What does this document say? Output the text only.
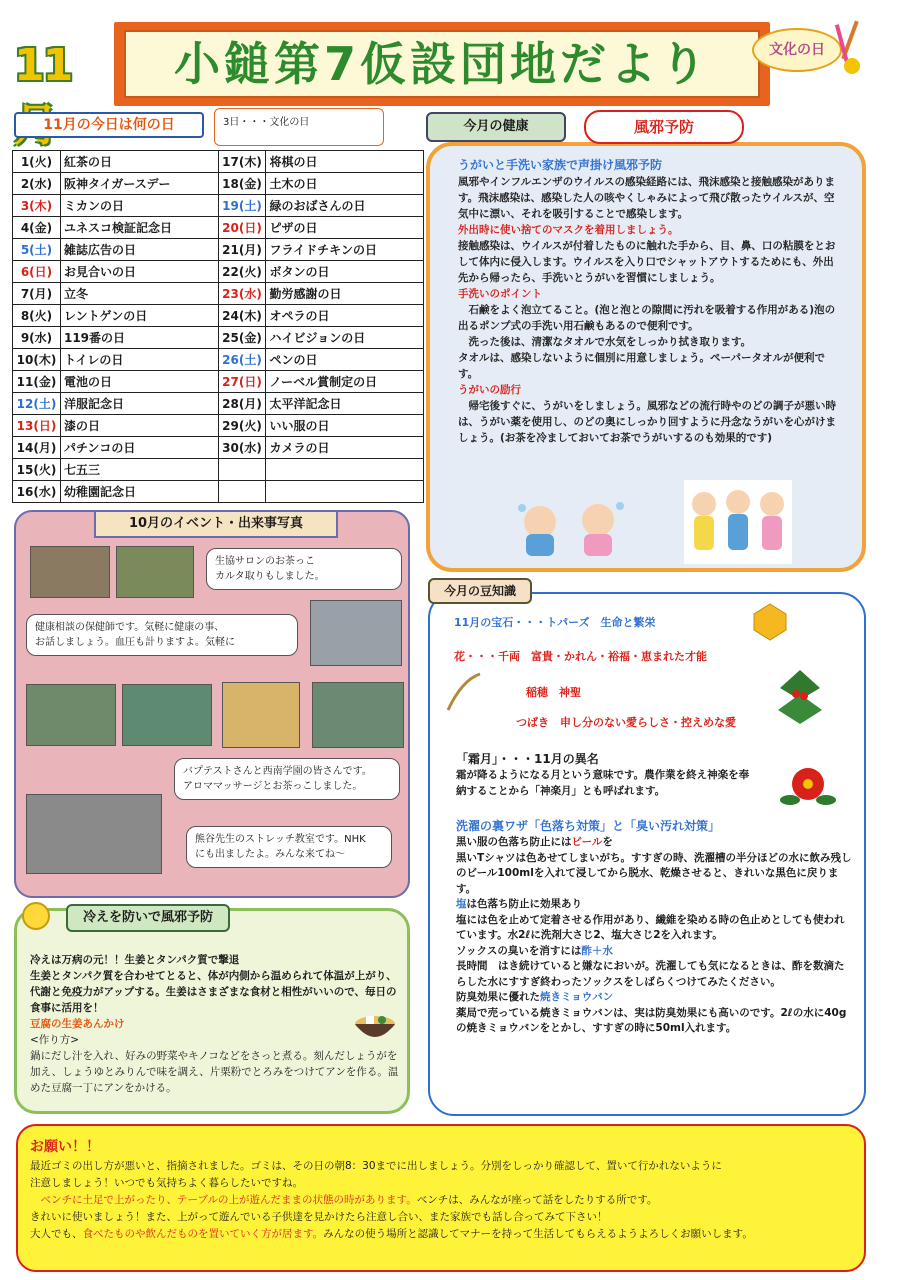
11	小鎚第7仮設団地だより	文化の日
11月の今日は何の日	3日・・・文化の日
1(火)	紅茶の日	17(木)	将棋の日
2(水)	阪神タイガースデー	18(金)	土木の日
3(木)	ミカンの日	19(土)	緑のおばさんの日
4(金)	ユネスコ検証記念日	20(日)	ピザの日
5(土)	雑誌広告の日	21(月)	フライドチキンの日
6(日)	お見合いの日	22(火)	ボタンの日
7(月)	立冬	23(水)	勤労感謝の日
8(火)	レントゲンの日	24(木)	オペラの日
9(水)	119番の日	25(金)	ハイビジョンの日
10(木)	トイレの日	26(土)	ペンの日
11(金)	電池の日	27(日)	ノーベル賞制定の日
12(土)	洋服記念日	28(月)	太平洋記念日
13(日)	漆の日	29(火)	いい服の日
14(月)	パチンコの日	30(水)	カメラの日
15(火)	七五三		
16(水)	幼稚園記念日		
今月の健康	風邪予防

うがいと手洗い家族で声掛け風邪予防

風邪やインフルエンザのウイルスの感染経路には、飛沫感染と接触感染があります。飛沫感染は、感染した人の咳やくしゃみによって飛び散ったウイルスが、空気中に漂い、それを吸引することで感染します。

外出時に使い捨てのマスクを着用しましょう。

接触感染は、ウイルスが付着したものに触れた手から、目、鼻、口の粘膜をとおして体内に侵入します。ウイルスを入り口でシャットアウトするためにも、外出先から帰ったら、手洗いとうがいを習慣にしましょう。

手洗いのポイント

石鹸をよく泡立てること。(泡と泡との隙間に汚れを吸着する作用がある)泡の出るポンプ式の手洗い用石鹸もあるので便利です。

洗った後は、清潔なタオルで水気をしっかり拭き取ります。

タオルは、感染しないように個別に用意しましょう。ペーパータオルが便利です。

うがいの励行

帰宅後すぐに、うがいをしましょう。風邪などの流行時やのどの調子が悪い時は、うがい薬を使用し、のどの奥にしっかり回すように丹念なうがいを心がけましょう。(お茶を冷ましておいてお茶でうがいするのも効果的です)

10月のイベント・出来事写真
生協サロンのお茶っこ
カルタ取りもしました。
健康相談の保健師です。気軽に健康の事、
お話しましょう。血圧も計りますよ。気軽に
バプテストさんと西南学園の皆さんです。
アロママッサージとお茶っこしました。
熊谷先生のストレッチ教室です。NHK
にも出ましたよ。みんな来てね～
冷えを防いで風邪予防

冷えは万病の元！！生姜とタンパク質で撃退

生姜とタンパク質を合わせてとると、体が内側から温められて体温が上がり、代謝と免疫力がアップする。生姜はさまざまな食材と相性がいいので、毎日の食事に活用を！

豆腐の生姜あんかけ

<作り方>

鍋にだし汁を入れ、好みの野菜やキノコなどをさっと煮る。刻んだしょうがを加え、しょうゆとみりんで味を調え、片栗粉でとろみをつけてアンを作る。温めた豆腐一丁にアンをかける。

今月の豆知識
11月の宝石・・・トパーズ　生命と繁栄
花・・・千両　富貴・かれん・裕福・恵まれた才能
稲穂　神聖
つばき　申し分のない愛らしさ・控えめな愛

「霜月」・・・11月の異名

霜が降るようになる月という意味です。農作業を終え神楽を奉納することから「神楽月」とも呼ばれます。

洗濯の裏ワザ「色落ち対策」と「臭い汚れ対策」

黒い服の色落ち防止にはビールを

黒いTシャツは色あせてしまいがち。すすぎの時、洗濯槽の半分ほどの水に飲み残しのビール100mlを入れて浸してから脱水、乾燥させると、きれいな黒色に戻ります。

塩は色落ち防止に効果あり

塩には色を止めて定着させる作用があり、繊維を染める時の色止めとしても使われています。水2ℓに洗剤大さじ2、塩大さじ2を入れます。

ソックスの臭いを消すには酢＋水

長時間　はき続けていると嫌なにおいが。洗濯しても気になるときは、酢を数滴たらした水にすすぎ終わったソックスをしばらくつけてみたください。

防臭効果に優れた焼きミョウバン

薬局で売っている焼きミョウバンは、実は防臭効果にも高いのです。2ℓの水に40gの焼きミョウバンをとかし、すすぎの時に50ml入れます。

お願い！！

最近ゴミの出し方が悪いと、指摘されました。ゴミは、その日の朝8：30までに出しましょう。分別をしっかり確認して、置いて行かれないように

注意しましょう！いつでも気持ちよく暮らしたいですね。

ベンチに土足で上がったり、テーブルの上が遊んだままの状態の時があります。ベンチは、みんなが座って話をしたりする所です。

きれいに使いましょう！また、上がって遊んでいる子供達を見かけたら注意し合い、また家族でも話し合ってみて下さい！

大人でも、食べたものや飲んだものを置いていく方が居ます。みんなの使う場所と認識してマナーを持って生活してもらえるようよろしくお願いします。
